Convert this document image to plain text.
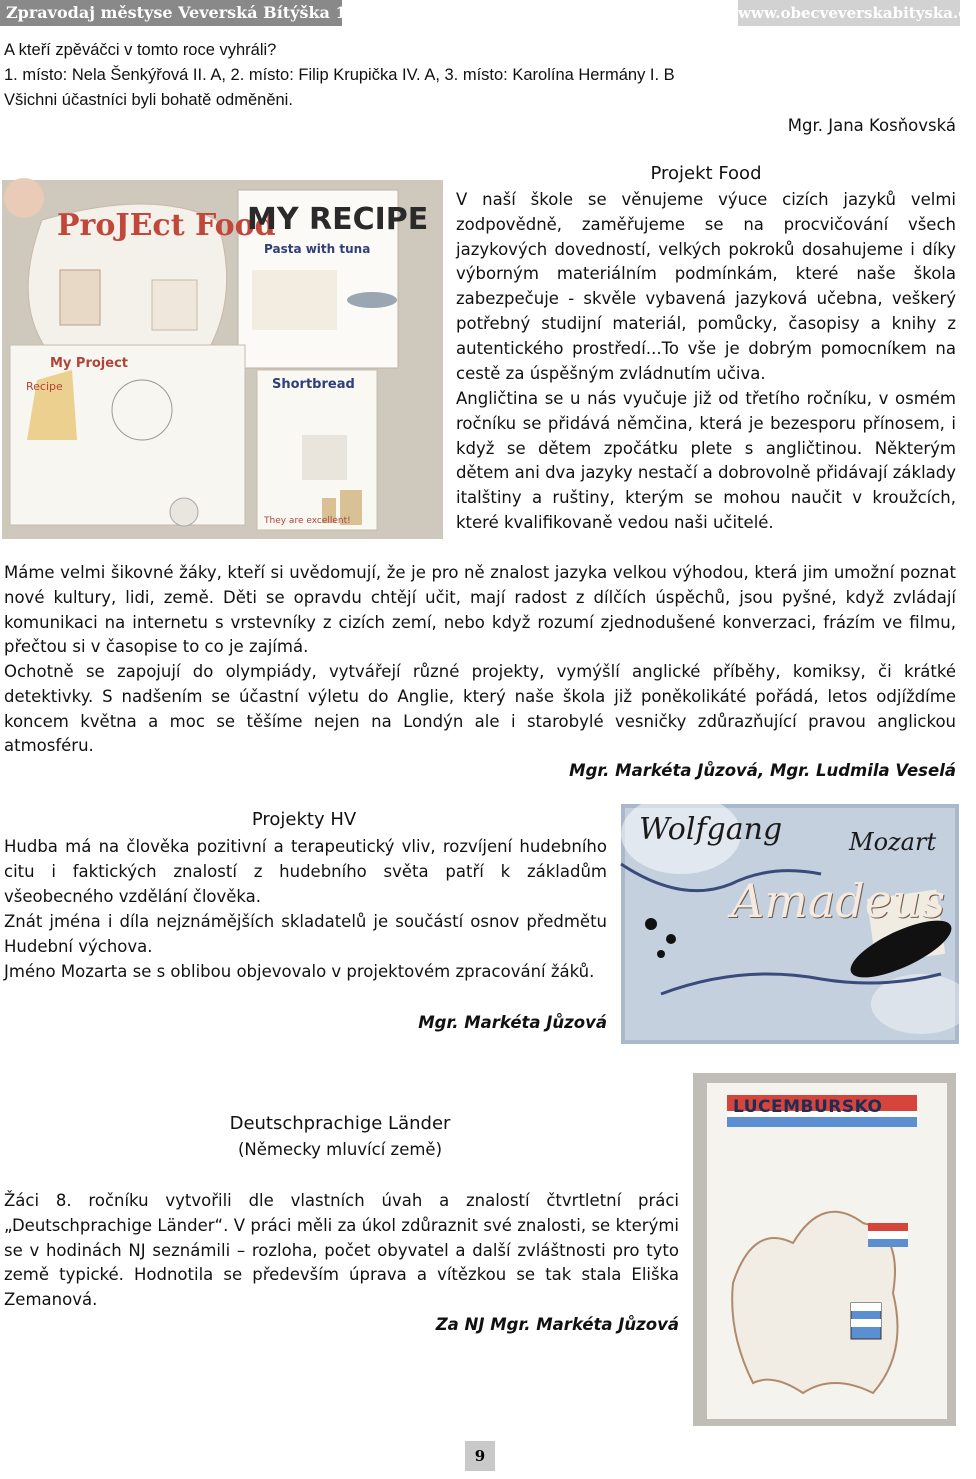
Zpravodaj městyse Veverská Bítýška 12/2014	www.obecveverskabityska.cz

A kteří zpěváčci v tomto roce vyhráli?

1. místo: Nela Šenkýřová II. A, 2. místo: Filip Krupička IV. A, 3. místo: Karolína Hermány I. B

Všichni účastníci byli bohatě odměněni.

Mgr. Jana Kosňovská

ProJEct Food
MY RECIPE
Pasta with tuna
My Project
Recipe	Shortbread
They are excellent!
Projekt Food

V naší škole se věnujeme výuce cizích jazyků velmi zodpovědně, zaměřujeme se na procvičování všech jazykových dovedností, velkých pokroků dosahujeme i díky výborným materiálním podmínkám, které naše škola zabezpečuje - skvěle vybavená jazyková učebna, veškerý potřebný studijní materiál, pomůcky, časopisy a knihy z autentického prostředí...To vše je dobrým pomocníkem na cestě za úspěšným zvládnutím učiva.

Angličtina se u nás vyučuje již od třetího ročníku, v osmém ročníku se přidává němčina, která je bezesporu přínosem, i když se dětem zpočátku plete s angličtinou. Některým dětem ani dva jazyky nestačí a dobrovolně přidávají základy italštiny a ruštiny, kterým se mohou naučit v kroužcích, které kvalifikovaně vedou naši učitelé.

Máme velmi šikovné žáky, kteří si uvědomují, že je pro ně znalost jazyka velkou výhodou, která jim umožní poznat nové kultury, lidi, země. Děti se opravdu chtějí učit, mají radost z dílčích úspěchů, jsou pyšné, když zvládají komunikaci na internetu s vrstevníky z cizích zemí, nebo když rozumí zjednodušené konverzaci, frázím ve filmu, přečtou si v časopise to co je zajímá.

Ochotně se zapojují do olympiády, vytvářejí různé projekty, vymýšlí anglické příběhy, komiksy, či krátké detektivky. S nadšením se účastní výletu do Anglie, který naše škola již poněkolikáté pořádá, letos odjíždíme koncem května a moc se těšíme nejen na Londýn ale i starobylé vesničky zdůrazňující pravou anglickou atmosféru.

Mgr. Markéta Jůzová, Mgr. Ludmila Veselá

Projekty HV

Hudba má na člověka pozitivní a terapeutický vliv, rozvíjení hudebního citu i faktických znalostí z hudebního světa patří k základům všeobecného vzdělání člověka.

Znát jména i díla nejznámějších skladatelů je součástí osnov předmětu Hudební výchova.

Jméno Mozarta se s oblibou objevovalo v projektovém zpracování žáků.

Mgr. Markéta Jůzová

Wolfgang	Mozart
Amadeus
Deutschprachige Länder

(Německy mluvící země)

Žáci 8. ročníku vytvořili dle vlastních úvah a znalostí čtvrtletní práci „Deutschprachige Länder“. V práci měli za úkol zdůraznit své znalosti, se kterými se v hodinách NJ seznámili – rozloha, počet obyvatel a další zvláštnosti pro tyto země typické. Hodnotila se především úprava a vítězkou se tak stala Eliška Zemanová.

Za NJ Mgr. Markéta Jůzová

LUCEMBURSKO
9
